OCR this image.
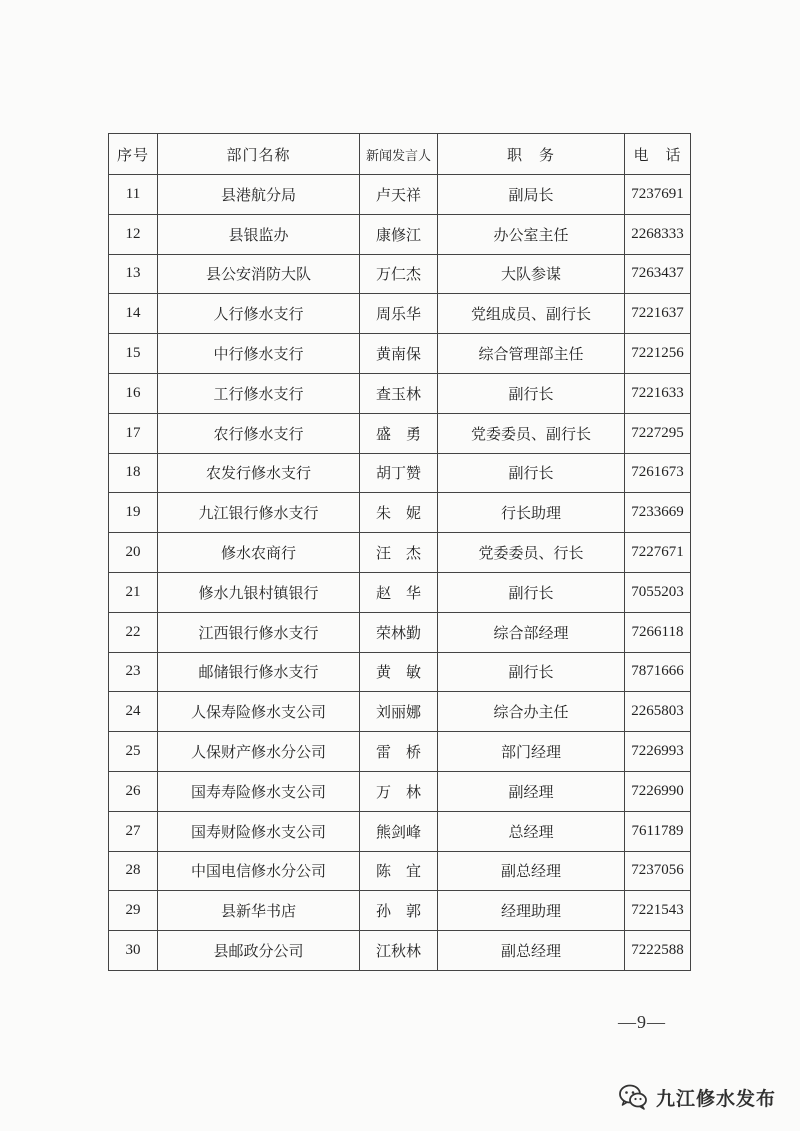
序号	部门名称	新闻发言人	职　务	电　话
11	县港航分局	卢天祥	副局长	7237691
12	县银监办	康修江	办公室主任	2268333
13	县公安消防大队	万仁杰	大队参谋	7263437
14	人行修水支行	周乐华	党组成员、副行长	7221637
15	中行修水支行	黄南保	综合管理部主任	7221256
16	工行修水支行	查玉林	副行长	7221633
17	农行修水支行	盛　勇	党委委员、副行长	7227295
18	农发行修水支行	胡丁赞	副行长	7261673
19	九江银行修水支行	朱　妮	行长助理	7233669
20	修水农商行	汪　杰	党委委员、行长	7227671
21	修水九银村镇银行	赵　华	副行长	7055203
22	江西银行修水支行	荣林勤	综合部经理	7266118
23	邮储银行修水支行	黄　敏	副行长	7871666
24	人保寿险修水支公司	刘丽娜	综合办主任	2265803
25	人保财产修水分公司	雷　桥	部门经理	7226993
26	国寿寿险修水支公司	万　林	副经理	7226990
27	国寿财险修水支公司	熊剑峰	总经理	7611789
28	中国电信修水分公司	陈　宜	副总经理	7237056
29	县新华书店	孙　郭	经理助理	7221543
30	县邮政分公司	江秋林	副总经理	7222588
—9—
九江修水发布
